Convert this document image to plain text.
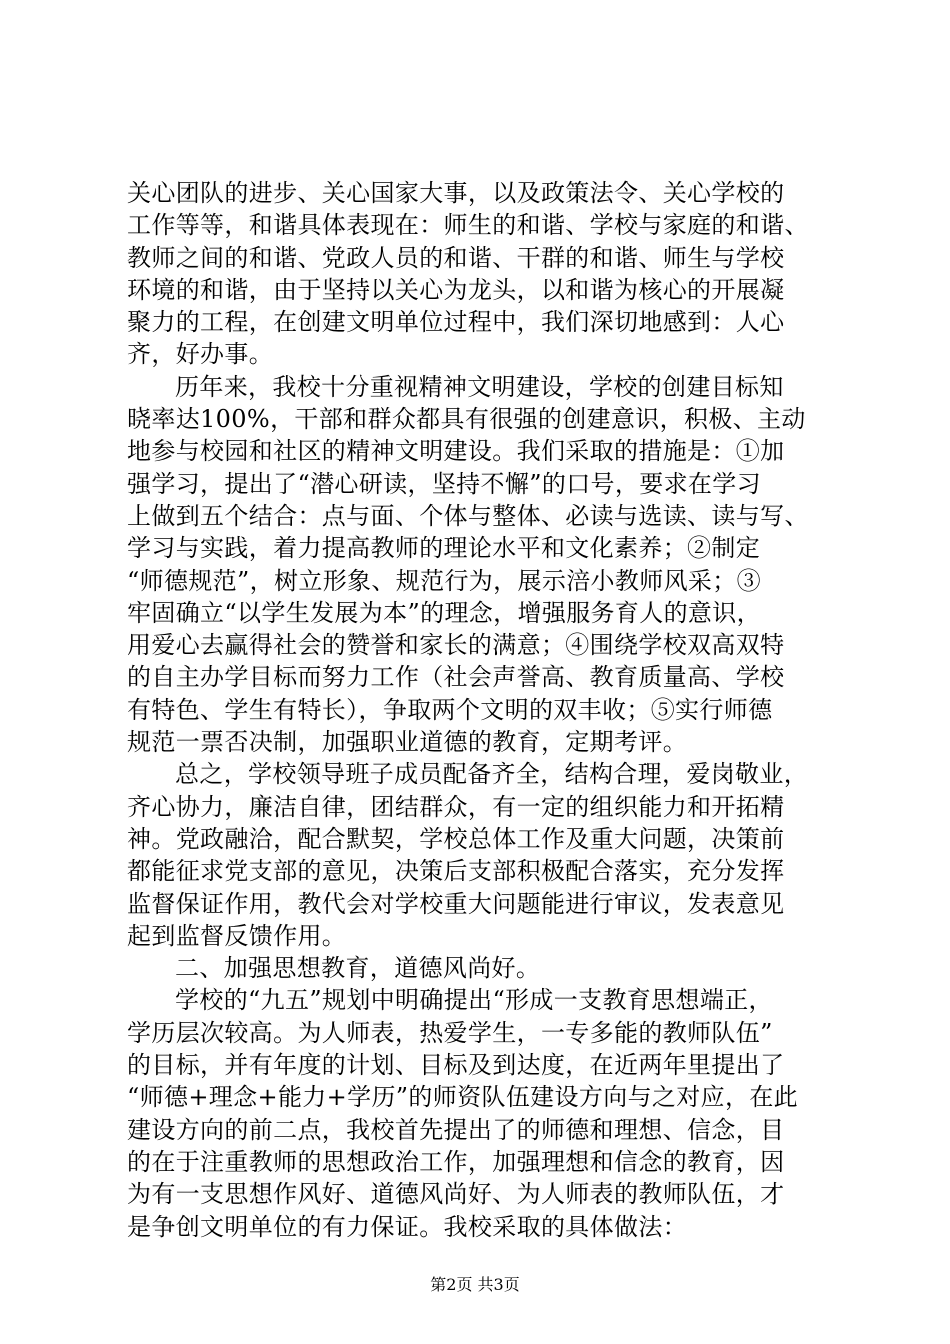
关心团队的进步、关心国家大事，以及政策法令、关心学校的
工作等等，和谐具体表现在：师生的和谐、学校与家庭的和谐、
教师之间的和谐、党政人员的和谐、干群的和谐、师生与学校
环境的和谐，由于坚持以关心为龙头，以和谐为核心的开展凝
聚力的工程，在创建文明单位过程中，我们深切地感到：人心
齐，好办事。
历年来，我校十分重视精神文明建设，学校的创建目标知
晓率达100%，干部和群众都具有很强的创建意识，积极、主动
地参与校园和社区的精神文明建设。我们采取的措施是：①加
强学习，提出了“潜心研读，坚持不懈”的口号，要求在学习
上做到五个结合：点与面、个体与整体、必读与选读、读与写、
学习与实践，着力提高教师的理论水平和文化素养；②制定
“师德规范”，树立形象、规范行为，展示涪小教师风采；③
牢固确立“以学生发展为本”的理念，增强服务育人的意识，
用爱心去赢得社会的赞誉和家长的满意；④围绕学校双高双特
的自主办学目标而努力工作（社会声誉高、教育质量高、学校
有特色、学生有特长），争取两个文明的双丰收；⑤实行师德
规范一票否决制，加强职业道德的教育，定期考评。
总之，学校领导班子成员配备齐全，结构合理，爱岗敬业，
齐心协力，廉洁自律，团结群众，有一定的组织能力和开拓精
神。党政融洽，配合默契，学校总体工作及重大问题，决策前
都能征求党支部的意见，决策后支部积极配合落实，充分发挥
监督保证作用，教代会对学校重大问题能进行审议，发表意见
起到监督反馈作用。
二、加强思想教育，道德风尚好。
学校的“九五”规划中明确提出“形成一支教育思想端正，
学历层次较高。为人师表，热爱学生，一专多能的教师队伍”
的目标，并有年度的计划、目标及到达度，在近两年里提出了
“师德+理念+能力+学历”的师资队伍建设方向与之对应，在此
建设方向的前二点，我校首先提出了的师德和理想、信念，目
的在于注重教师的思想政治工作，加强理想和信念的教育，因
为有一支思想作风好、道德风尚好、为人师表的教师队伍，才
是争创文明单位的有力保证。我校采取的具体做法：
第2页 共3页
